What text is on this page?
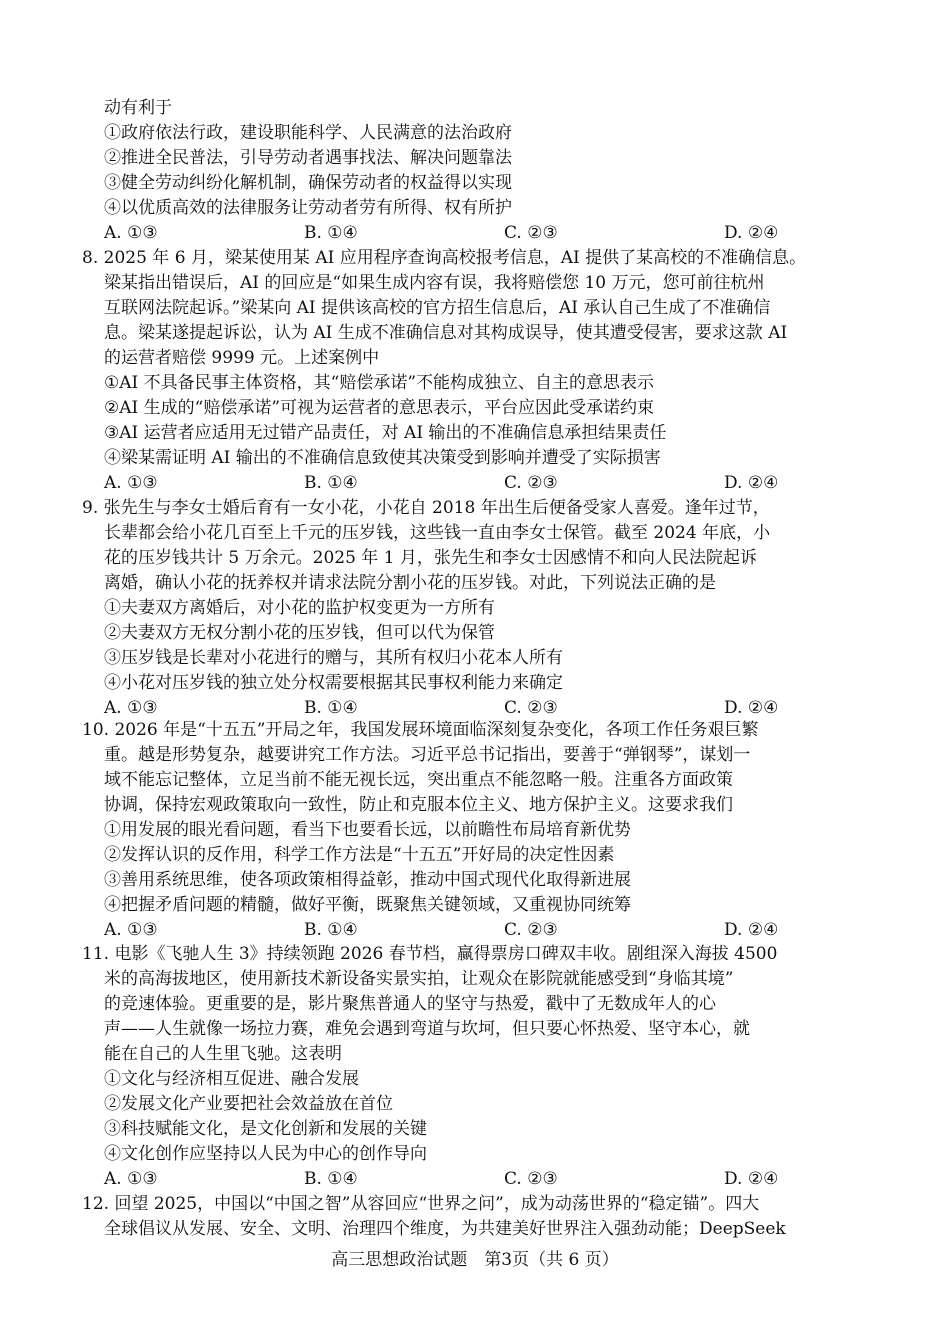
动有利于
①政府依法行政，建设职能科学、人民满意的法治政府
②推进全民普法，引导劳动者遇事找法、解决问题靠法
③健全劳动纠纷化解机制，确保劳动者的权益得以实现
④以优质高效的法律服务让劳动者劳有所得、权有所护
A. ①③	B. ①④	C. ②③	D. ②④
8. 2025 年 6 月，梁某使用某 AI 应用程序查询高校报考信息，AI 提供了某高校的不准确信息。
梁某指出错误后，AI 的回应是“如果生成内容有误，我将赔偿您 10 万元，您可前往杭州
互联网法院起诉。”梁某向 AI 提供该高校的官方招生信息后，AI 承认自己生成了不准确信
息。梁某遂提起诉讼，认为 AI 生成不准确信息对其构成误导，使其遭受侵害，要求这款 AI
的运营者赔偿 9999 元。上述案例中
①AI 不具备民事主体资格，其“赔偿承诺”不能构成独立、自主的意思表示
②AI 生成的“赔偿承诺”可视为运营者的意思表示，平台应因此受承诺约束
③AI 运营者应适用无过错产品责任，对 AI 输出的不准确信息承担结果责任
④梁某需证明 AI 输出的不准确信息致使其决策受到影响并遭受了实际损害
A. ①③	B. ①④	C. ②③	D. ②④
9. 张先生与李女士婚后育有一女小花，小花自 2018 年出生后便备受家人喜爱。逢年过节，
长辈都会给小花几百至上千元的压岁钱，这些钱一直由李女士保管。截至 2024 年底，小
花的压岁钱共计 5 万余元。2025 年 1 月，张先生和李女士因感情不和向人民法院起诉
离婚，确认小花的抚养权并请求法院分割小花的压岁钱。对此，下列说法正确的是
①夫妻双方离婚后，对小花的监护权变更为一方所有
②夫妻双方无权分割小花的压岁钱，但可以代为保管
③压岁钱是长辈对小花进行的赠与，其所有权归小花本人所有
④小花对压岁钱的独立处分权需要根据其民事权利能力来确定
A. ①③	B. ①④	C. ②③	D. ②④
10. 2026 年是“十五五”开局之年，我国发展环境面临深刻复杂变化，各项工作任务艰巨繁
重。越是形势复杂，越要讲究工作方法。习近平总书记指出，要善于“弹钢琴”，谋划一
域不能忘记整体，立足当前不能无视长远，突出重点不能忽略一般。注重各方面政策
协调，保持宏观政策取向一致性，防止和克服本位主义、地方保护主义。这要求我们
①用发展的眼光看问题，看当下也要看长远，以前瞻性布局培育新优势
②发挥认识的反作用，科学工作方法是“十五五”开好局的决定性因素
③善用系统思维，使各项政策相得益彰，推动中国式现代化取得新进展
④把握矛盾问题的精髓，做好平衡，既聚焦关键领域，又重视协同统筹
A. ①③	B. ①④	C. ②③	D. ②④
11. 电影《飞驰人生 3》持续领跑 2026 春节档，赢得票房口碑双丰收。剧组深入海拔 4500
米的高海拔地区，使用新技术新设备实景实拍，让观众在影院就能感受到“身临其境”
的竞速体验。更重要的是，影片聚焦普通人的坚守与热爱，戳中了无数成年人的心
声——人生就像一场拉力赛，难免会遇到弯道与坎坷，但只要心怀热爱、坚守本心，就
能在自己的人生里飞驰。这表明
①文化与经济相互促进、融合发展
②发展文化产业要把社会效益放在首位
③科技赋能文化，是文化创新和发展的关键
④文化创作应坚持以人民为中心的创作导向
A. ①③	B. ①④	C. ②③	D. ②④
12. 回望 2025，中国以“中国之智”从容回应“世界之问”，成为动荡世界的“稳定锚”。四大
全球倡议从发展、安全、文明、治理四个维度，为共建美好世界注入强劲动能；DeepSeek
高三思想政治试题　第3页（共 6 页）
